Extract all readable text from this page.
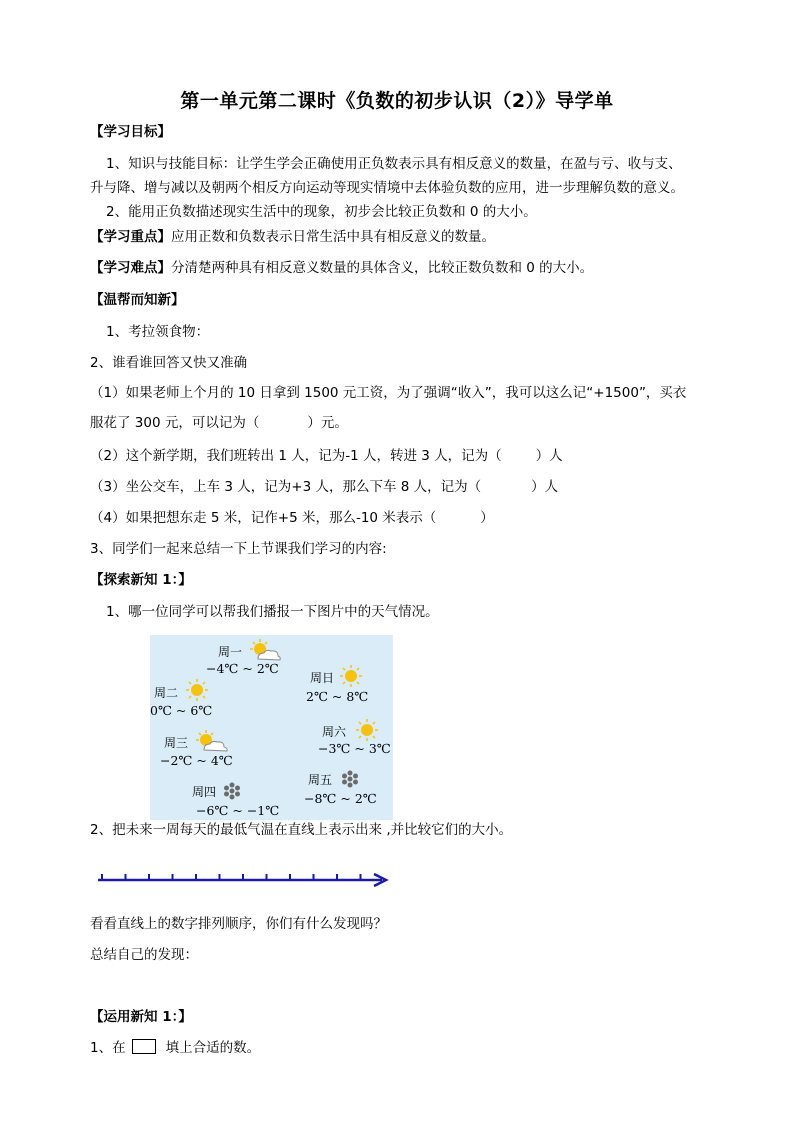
第一单元第二课时《负数的初步认识（2）》导学单
【学习目标】
1、知识与技能目标：让学生学会正确使用正负数表示具有相反意义的数量，在盈与亏、收与支、
升与降、增与减以及朝两个相反方向运动等现实情境中去体验负数的应用，进一步理解负数的意义。
2、能用正负数描述现实生活中的现象，初步会比较正负数和 0 的大小。
【学习重点】应用正数和负数表示日常生活中具有相反意义的数量。
【学习难点】分清楚两种具有相反意义数量的具体含义，比较正数负数和 0 的大小。
【温帮而知新】
1、考拉领食物：
2、谁看谁回答又快又准确
（1）如果老师上个月的 10 日拿到 1500 元工资，为了强调“收入”，我可以这么记“+1500”，买衣
服花了 300 元，可以记为（	）元。
（2）这个新学期，我们班转出 1 人，记为-1 人，转进 3 人，记为（	）人
（3）坐公交车，上车 3 人，记为+3 人，那么下车 8 人，记为（	）人
（4）如果把想东走 5 米，记作+5 米，那么-10 米表示（	）
3、同学们一起来总结一下上节课我们学习的内容:
【探索新知 1：】
1、哪一位同学可以帮我们播报一下图片中的天气情况。
周一
−4℃ ~ 2℃
周日
2℃ ~ 8℃
周二
0℃ ~ 6℃
周六
−3℃ ~ 3℃
周三
−2℃ ~ 4℃
周五
−8℃ ~ 2℃
周四
−6℃ ~ −1℃
2、把未来一周每天的最低气温在直线上表示出来 ,并比较它们的大小。
看看直线上的数字排列顺序，你们有什么发现吗？
总结自己的发现：
【运用新知 1：】
1、在	填上合适的数。
